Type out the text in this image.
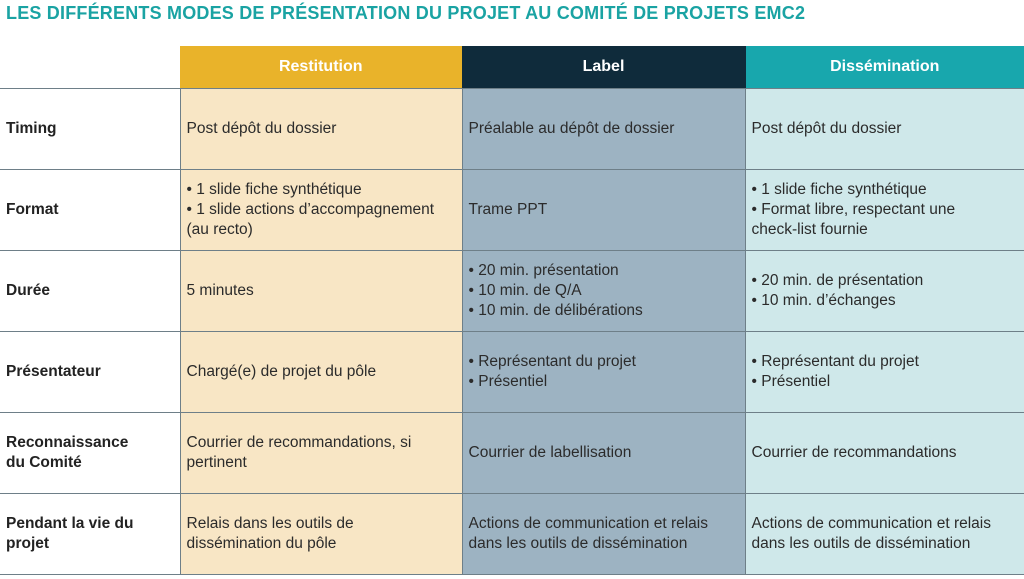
LES DIFFÉRENTS MODES DE PRÉSENTATION DU PROJET AU COMITÉ DE PROJETS EMC2
	Restitution	Label	Dissémination

Timing	Post dépôt du dossier	Préalable au dépôt de dossier	Post dépôt du dossier

Format	• 1 slide fiche synthétique
• 1 slide actions d’accompagnement
(au recto)	Trame PPT	• 1 slide fiche synthétique
• Format libre, respectant une
check-list fournie

Durée	5 minutes	• 20 min. présentation
• 10 min. de Q/A
• 10 min. de délibérations	• 20 min. de présentation
• 10 min. d’échanges

Présentateur	Chargé(e) de projet du pôle	• Représentant du projet
• Présentiel	• Représentant du projet
• Présentiel

Reconnaissance
du Comité	Courrier de recommandations, si
pertinent	Courrier de labellisation	Courrier de recommandations

Pendant la vie du
projet	Relais dans les outils de
dissémination du pôle	Actions de communication et relais
dans les outils de dissémination	Actions de communication et relais
dans les outils de dissémination
